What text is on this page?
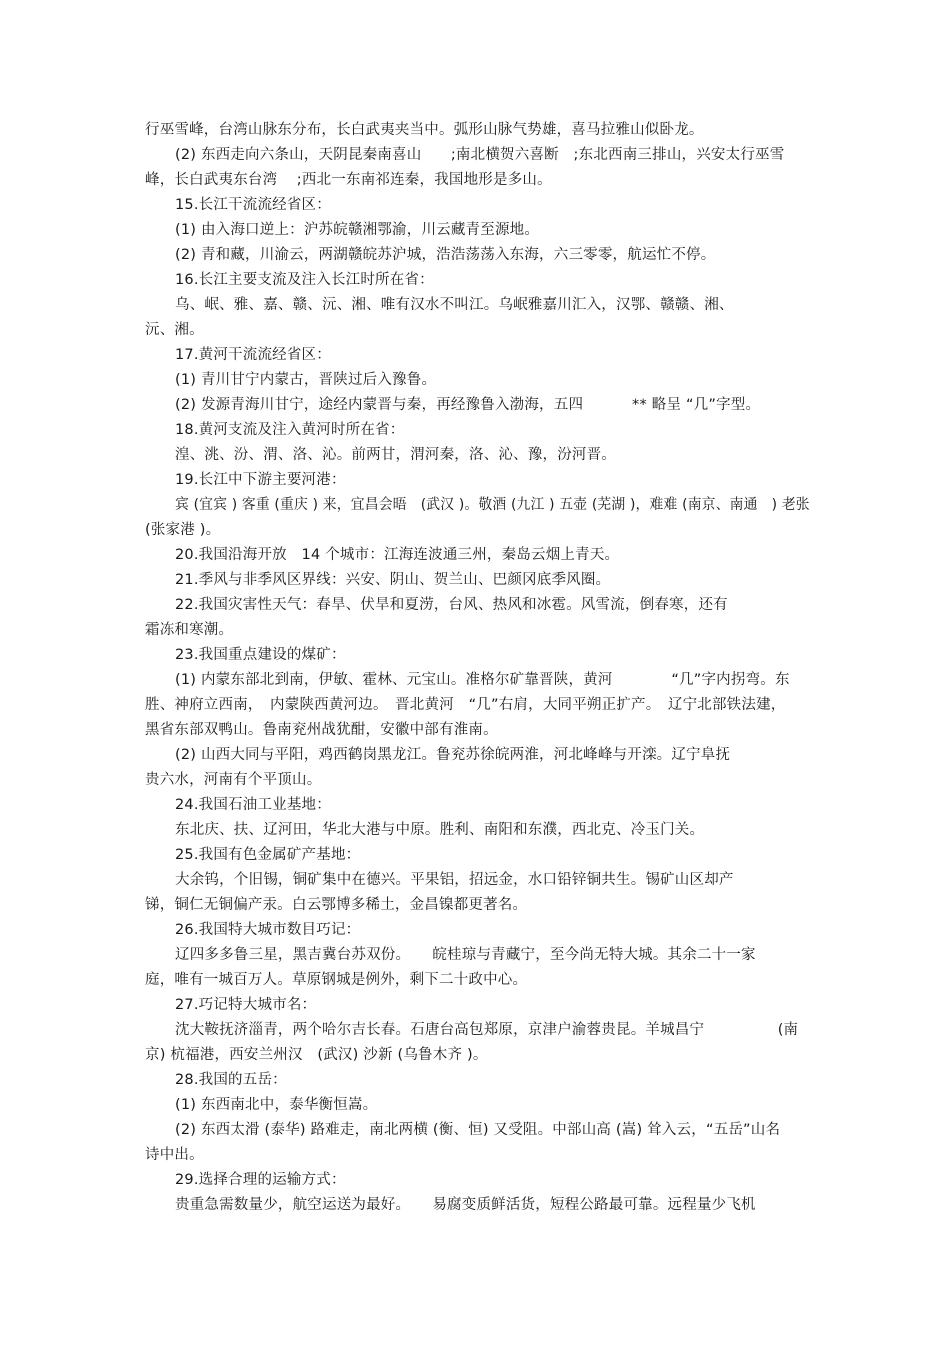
行巫雪峰，台湾山脉东分布，长白武夷夹当中。弧形山脉气势雄，喜马拉雅山似卧龙。
(2) 东西走向六条山，天阴昆秦南喜山　　;南北横贺六喜断　;东北西南三排山，兴安太行巫雪
峰，长白武夷东台湾　 ;西北一东南祁连秦，我国地形是多山。
15.长江干流流经省区：
(1) 由入海口逆上：沪苏皖赣湘鄂渝，川云藏青至源地。
(2) 青和藏，川渝云，两湖赣皖苏沪城，浩浩荡荡入东海，六三零零，航运忙不停。
16.长江主要支流及注入长江时所在省：
乌、岷、雅、嘉、赣、沅、湘、唯有汉水不叫江。乌岷雅嘉川汇入，汉鄂、赣赣、湘、
沅、湘。
17.黄河干流流经省区：
(1) 青川甘宁内蒙古，晋陕过后入豫鲁。
(2) 发源青海川甘宁，途经内蒙晋与秦，再经豫鲁入渤海，五四　　　 ** 略呈 “几”字型。
18.黄河支流及注入黄河时所在省：
湟、洮、汾、渭、洛、沁。前两甘，渭河秦，洛、沁、豫，汾河晋。
19.长江中下游主要河港：
宾 (宜宾 ) 客重 (重庆 ) 来，宜昌会晤　(武汉 )。敬酒 (九江 ) 五壶 (芜湖 )，难难 (南京、南通　) 老张
(张家港 )。
20.我国沿海开放　14 个城市：江海连波通三州，秦岛云烟上青天。
21.季风与非季风区界线：兴安、阴山、贺兰山、巴颜冈底季风圈。
22.我国灾害性天气：春旱、伏旱和夏涝，台风、热风和冰雹。风雪流，倒春寒，还有
霜冻和寒潮。
23.我国重点建设的煤矿：
(1) 内蒙东部北到南，伊敏、霍林、元宝山。准格尔矿靠晋陕，黄河　　　　“几”字内拐弯。东
胜、神府立西南，　内蒙陕西黄河边。　晋北黄河　“几”右肩，大同平朔正扩产。　辽宁北部铁法建，
黑省东部双鸭山。鲁南兖州战犹酣，安徽中部有淮南。
(2) 山西大同与平阳，鸡西鹤岗黑龙江。鲁兖苏徐皖两淮，河北峰峰与开滦。辽宁阜抚
贵六水，河南有个平顶山。
24.我国石油工业基地：
东北庆、扶、辽河田，华北大港与中原。胜利、南阳和东濮，西北克、冷玉门关。
25.我国有色金属矿产基地：
大余钨，个旧锡，铜矿集中在德兴。平果铝，招远金，水口铅锌铜共生。锡矿山区却产
锑，铜仁无铜偏产汞。白云鄂博多稀土，金昌镍都更著名。
26.我国特大城市数目巧记：
辽四多多鲁三星，黑吉冀台苏双份。　　皖桂琼与青藏宁，至今尚无特大城。其余二十一家
庭，唯有一城百万人。草原钢城是例外，剩下二十政中心。
27.巧记特大城市名：
沈大鞍抚济淄青，两个哈尔吉长春。石唐台高包郑原，京津户渝蓉贵昆。羊城昌宁　　　　　(南
京) 杭福港，西安兰州汉　(武汉) 沙新 (乌鲁木齐 )。
28.我国的五岳：
(1) 东西南北中，泰华衡恒嵩。
(2) 东西太滑 (泰华) 路难走，南北两横 (衡、恒) 又受阻。中部山高 (嵩) 耸入云，“五岳”山名
诗中出。
29.选择合理的运输方式：
贵重急需数量少，航空运送为最好。　　易腐变质鲜活货，短程公路最可靠。远程量少飞机
